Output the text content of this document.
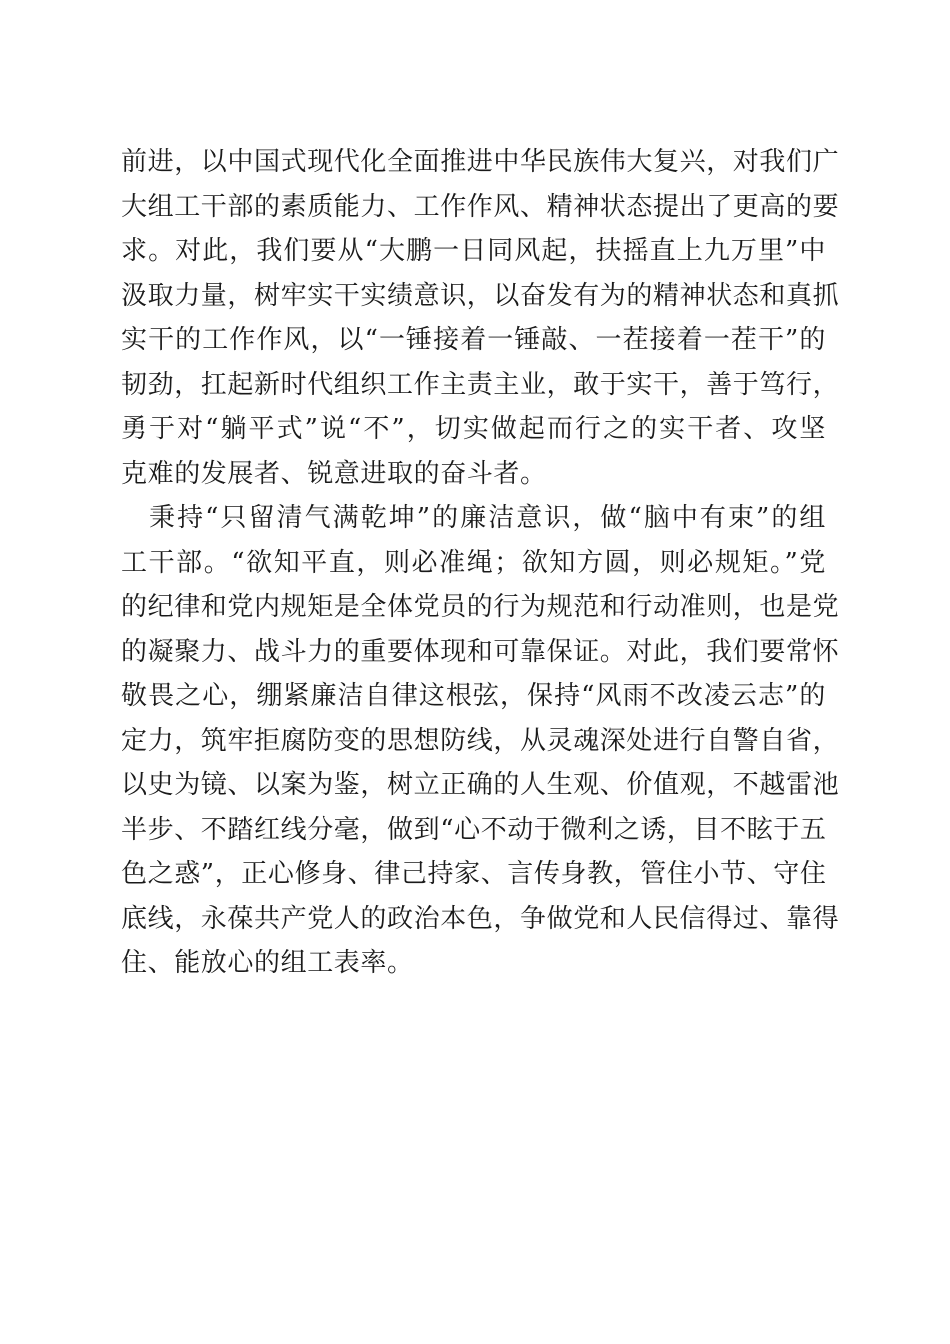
前进，以中国式现代化全面推进中华民族伟大复兴，对我们广
大组工干部的素质能力、工作作风、精神状态提出了更高的要
求。对此，我们要从“大鹏一日同风起，扶摇直上九万里”中
汲取力量，树牢实干实绩意识，以奋发有为的精神状态和真抓
实干的工作作风，以“一锤接着一锤敲、一茬接着一茬干”的
韧劲，扛起新时代组织工作主责主业，敢于实干，善于笃行，
勇于对“躺平式”说“不”，切实做起而行之的实干者、攻坚
克难的发展者、锐意进取的奋斗者。
　秉持“只留清气满乾坤”的廉洁意识，做“脑中有束”的组
工干部。“欲知平直，则必准绳；欲知方圆，则必规矩。”党
的纪律和党内规矩是全体党员的行为规范和行动准则，也是党
的凝聚力、战斗力的重要体现和可靠保证。对此，我们要常怀
敬畏之心，绷紧廉洁自律这根弦，保持“风雨不改凌云志”的
定力，筑牢拒腐防变的思想防线，从灵魂深处进行自警自省，
以史为镜、以案为鉴，树立正确的人生观、价值观，不越雷池
半步、不踏红线分毫，做到“心不动于微利之诱，目不眩于五
色之惑”，正心修身、律己持家、言传身教，管住小节、守住
底线，永葆共产党人的政治本色，争做党和人民信得过、靠得
住、能放心的组工表率。
